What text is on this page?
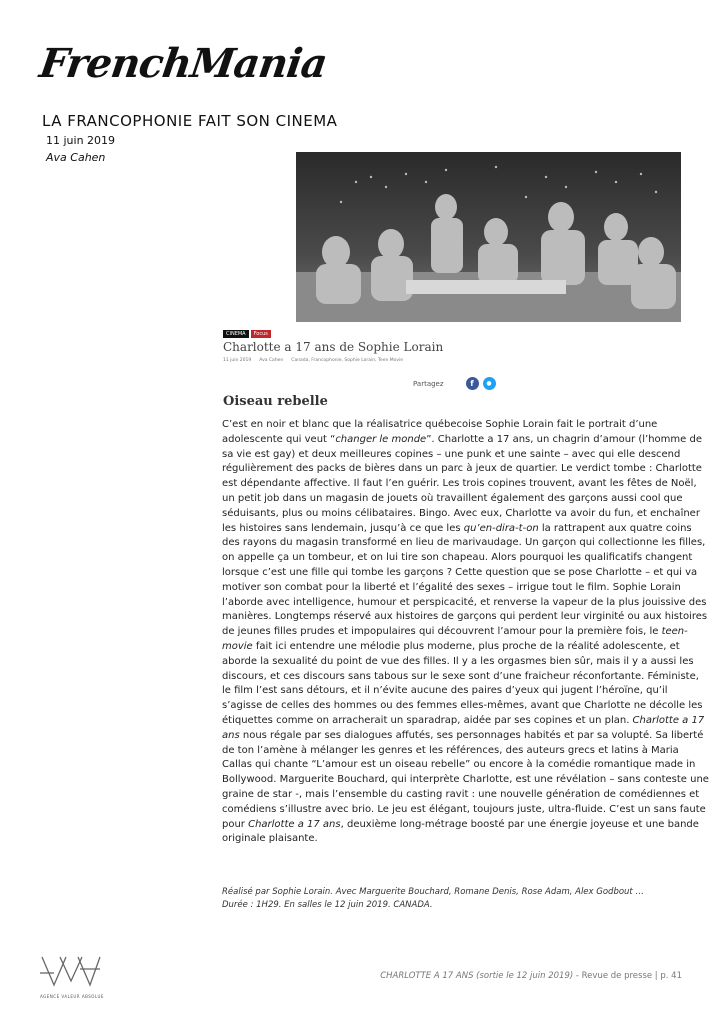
FrenchMania
LA FRANCOPHONIE FAIT SON CINEMA
11 juin 2019
Ava Cahen
CINEMA	Focus
Charlotte a 17 ans de Sophie Lorain
11 juin 2019 Ava Cahen Canada, Francophonie, Sophie Lorain, Teen Movie
Partagez	f	●
Oiseau rebelle

C’est en noir et blanc que la réalisatrice québecoise Sophie Lorain fait le portrait d’une adolescente qui veut “changer le monde”. Charlotte a 17 ans, un chagrin d’amour (l’homme de sa vie est gay) et deux meilleures copines – une punk et une sainte – avec qui elle descend régulièrement des packs de bières dans un parc à jeux de quartier. Le verdict tombe : Charlotte est dépendante affective. Il faut l’en guérir. Les trois copines trouvent, avant les fêtes de Noël, un petit job dans un magasin de jouets où travaillent également des garçons aussi cool que séduisants, plus ou moins célibataires. Bingo. Avec eux, Charlotte va avoir du fun, et enchaîner les histoires sans lendemain, jusqu’à ce que les qu’en-dira-t-on la rattrapent aux quatre coins des rayons du magasin transformé en lieu de marivaudage. Un garçon qui collectionne les filles, on appelle ça un tombeur, et on lui tire son chapeau. Alors pourquoi les qualificatifs changent lorsque c’est une fille qui tombe les garçons ? Cette question que se pose Charlotte – et qui va motiver son combat pour la liberté et l’égalité des sexes – irrigue tout le film. Sophie Lorain l’aborde avec intelligence, humour et perspicacité, et renverse la vapeur de la plus jouissive des manières. Longtemps réservé aux histoires de garçons qui perdent leur virginité ou aux histoires de jeunes filles prudes et impopulaires qui découvrent l’amour pour la première fois, le teen-movie fait ici entendre une mélodie plus moderne, plus proche de la réalité adolescente, et aborde la sexualité du point de vue des filles. Il y a les orgasmes bien sûr, mais il y a aussi les discours, et ces discours sans tabous sur le sexe sont d’une fraicheur réconfortante. Féministe, le film l’est sans détours, et il n’évite aucune des paires d’yeux qui jugent l’héroïne, qu’il s’agisse de celles des hommes ou des femmes elles-mêmes, avant que Charlotte ne décolle les étiquettes comme on arracherait un sparadrap, aidée par ses copines et un plan. Charlotte a 17 ans nous régale par ses dialogues affutés, ses personnages habités et par sa volupté. Sa liberté de ton l’amène à mélanger les genres et les références, des auteurs grecs et latins à Maria Callas qui chante “L’amour est un oiseau rebelle” ou encore à la comédie romantique made in Bollywood. Marguerite Bouchard, qui interprète Charlotte, est une révélation – sans conteste une graine de star -, mais l’ensemble du casting ravit : une nouvelle génération de comédiennes et comédiens s’illustre avec brio. Le jeu est élégant, toujours juste, ultra-fluide. C’est un sans faute pour Charlotte a 17 ans, deuxième long-métrage boosté par une énergie joyeuse et une bande originale plaisante.

Réalisé par Sophie Lorain. Avec Marguerite Bouchard, Romane Denis, Rose Adam, Alex Godbout …

Durée : 1H29. En salles le 12 juin 2019. CANADA.

AGENCE VALEUR ABSOLUE
CHARLOTTE A 17 ANS (sortie le 12 juin 2019) - Revue de presse | p. 41
